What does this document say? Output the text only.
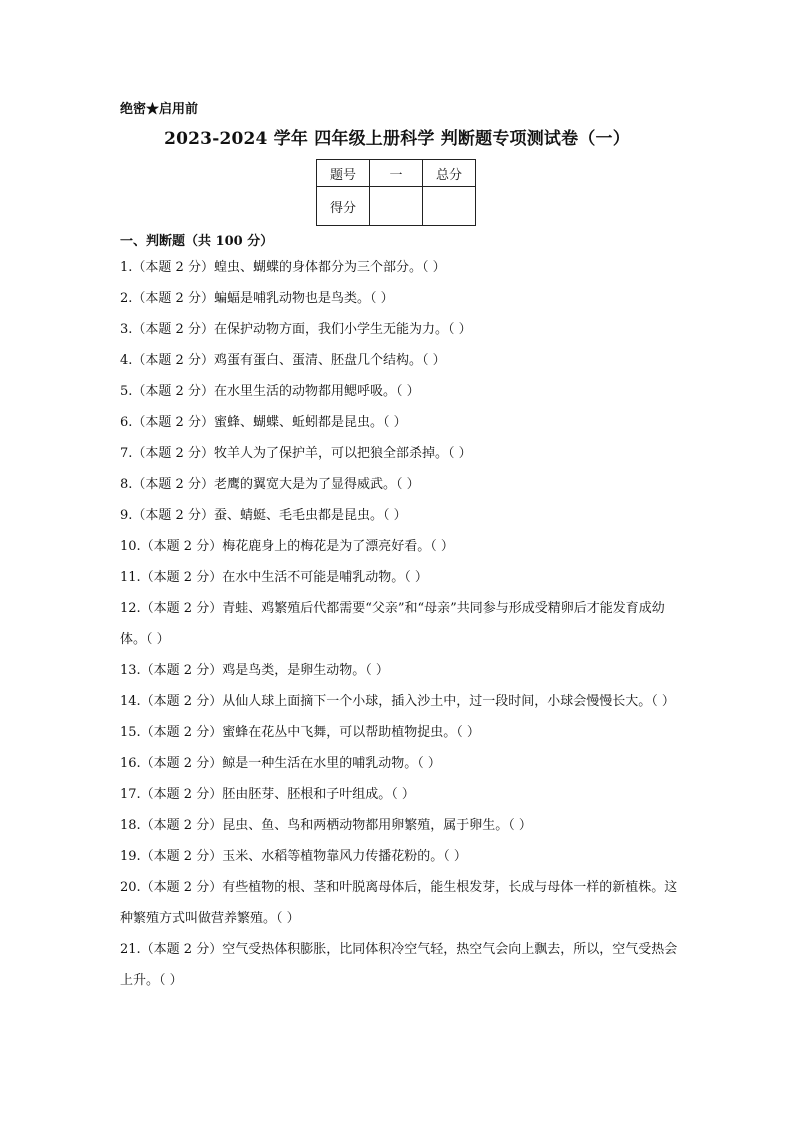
绝密★启用前
2023-2024 学年 四年级上册科学 判断题专项测试卷（一）
题号	一	总分
得分		
一、判断题（共 100 分）
1.（本题 2 分）蝗虫、蝴蝶的身体都分为三个部分。（ ）
2.（本题 2 分）蝙蝠是哺乳动物也是鸟类。（ ）
3.（本题 2 分）在保护动物方面，我们小学生无能为力。（ ）
4.（本题 2 分）鸡蛋有蛋白、蛋清、胚盘几个结构。（ ）
5.（本题 2 分）在水里生活的动物都用鳃呼吸。（ ）
6.（本题 2 分）蜜蜂、蝴蝶、蚯蚓都是昆虫。（ ）
7.（本题 2 分）牧羊人为了保护羊，可以把狼全部杀掉。（ ）
8.（本题 2 分）老鹰的翼宽大是为了显得威武。（ ）
9.（本题 2 分）蚕、蜻蜓、毛毛虫都是昆虫。（ ）
10.（本题 2 分）梅花鹿身上的梅花是为了漂亮好看。（ ）
11.（本题 2 分）在水中生活不可能是哺乳动物。（ ）
12.（本题 2 分）青蛙、鸡繁殖后代都需要“父亲”和“母亲”共同参与形成受精卵后才能发育成幼体。（ ）
13.（本题 2 分）鸡是鸟类，是卵生动物。（ ）
14.（本题 2 分）从仙人球上面摘下一个小球，插入沙土中，过一段时间，小球会慢慢长大。（ ）
15.（本题 2 分）蜜蜂在花丛中飞舞，可以帮助植物捉虫。（ ）
16.（本题 2 分）鲸是一种生活在水里的哺乳动物。（ ）
17.（本题 2 分）胚由胚芽、胚根和子叶组成。（ ）
18.（本题 2 分）昆虫、鱼、鸟和两栖动物都用卵繁殖，属于卵生。（ ）
19.（本题 2 分）玉米、水稻等植物靠风力传播花粉的。（ ）
20.（本题 2 分）有些植物的根、茎和叶脱离母体后，能生根发芽，长成与母体一样的新植株。这种繁殖方式叫做营养繁殖。（ ）
21.（本题 2 分）空气受热体积膨胀，比同体积冷空气轻，热空气会向上飘去，所以，空气受热会上升。（ ）
